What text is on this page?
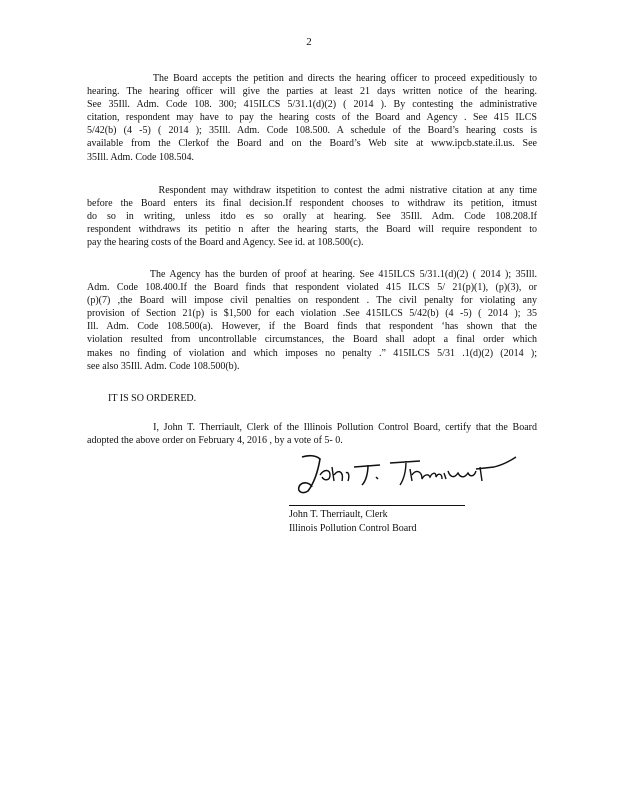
2

The Board accepts the petition and directs the hearing officer to proceed expeditiously to
hearing. The hearing officer will give the parties at least 21 days written notice of the hearing.
See 35Ill. Adm. Code 108. 300; 415ILCS 5/31.1(d)(2) ( 2014 ). By contesting the administrative
citation, respondent may have to pay the hearing costs of the Board and Agency . See 415 ILCS
5/42(b) (4 -5) ( 2014 ); 35Ill. Adm. Code 108.500. A schedule of the Board’s hearing costs is
available from the Clerkof the Board and on the Board’s Web site at www.ipcb.state.il.us. See
35Ill. Adm. Code 108.504.

Respondent may withdraw itspetition to contest the admi nistrative citation at any time
before the Board enters its final decision.If respondent chooses to withdraw its petition, itmust
do so in writing, unless itdo es so orally at hearing. See 35Ill. Adm. Code 108.208.If
respondent withdraws its petitio n after the hearing starts, the Board will require respondent to
pay the hearing costs of the Board and Agency. See id. at 108.500(c).

The Agency has the burden of proof at hearing. See 415ILCS 5/31.1(d)(2) ( 2014 ); 35Ill.
Adm. Code 108.400.If the Board finds that respondent violated 415 ILCS 5/ 21(p)(1), (p)(3), or
(p)(7) ,the Board will impose civil penalties on respondent . The civil penalty for violating any
provision of Section 21(p) is $1,500 for each violation .See 415ILCS 5/42(b) (4 -5) ( 2014 ); 35
Ill. Adm. Code 108.500(a). However, if the Board finds that respondent ‘has shown that the
violation resulted from uncontrollable circumstances, the Board shall adopt a final order which
makes no finding of violation and which imposes no penalty .” 415ILCS 5/31 .1(d)(2) (2014 );
see also 35Ill. Adm. Code 108.500(b).

IT IS SO ORDERED.

I, John T. Therriault, Clerk of the Illinois Pollution Control Board, certify that the Board
adopted the above order on February 4, 2016 , by a vote of 5- 0.

John T. Therriault, Clerk
Illinois Pollution Control Board
